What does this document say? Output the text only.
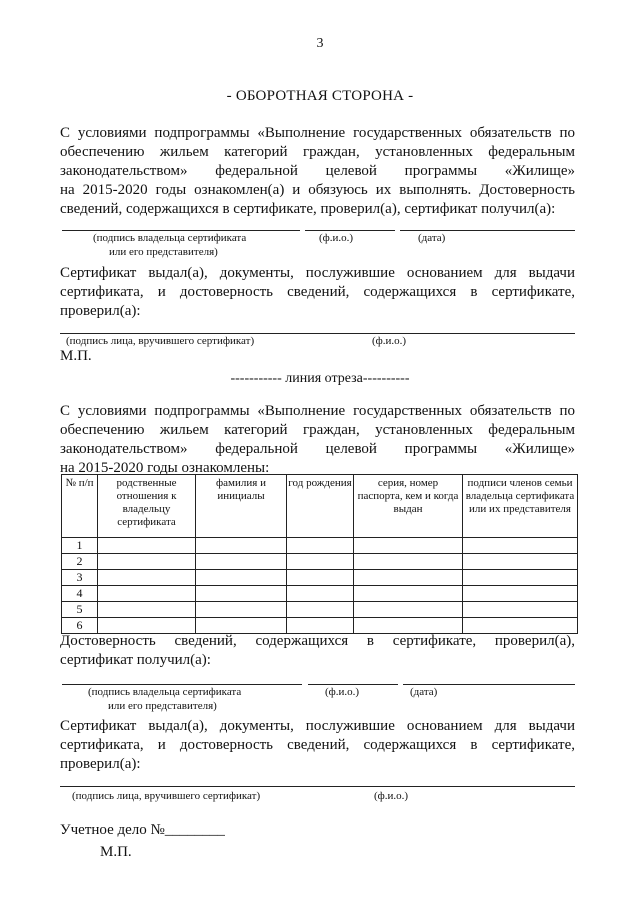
3
- ОБОРОТНАЯ СТОРОНА -
С условиями подпрограммы «Выполнение государственных обязательств по
обеспечению жильем категорий граждан, установленных федеральным
законодательством» федеральной целевой программы «Жилище»
на 2015-2020 годы ознакомлен(а) и обязуюсь их выполнять. Достоверность
сведений, содержащихся в сертификате, проверил(а), сертификат получил(а):
(подпись владельца сертификата	(ф.и.о.)	(дата)
или его представителя)
Сертификат выдал(а), документы, послужившие основанием для выдачи
сертификата, и достоверность сведений, содержащихся в сертификате,
проверил(а):
(подпись лица, вручившего сертификат)	(ф.и.о.)
М.П.
----------- линия отреза----------
С условиями подпрограммы «Выполнение государственных обязательств по
обеспечению жильем категорий граждан, установленных федеральным
законодательством» федеральной целевой программы «Жилище»
на 2015-2020 годы ознакомлены:
№ п/п	родственные отношения к владельцу сертификата	фамилия и инициалы	год рождения	серия, номер паспорта, кем и когда выдан	подписи членов семьи владельца сертификата или их представителя
1					
2					
3					
4					
5					
6					
Достоверность сведений, содержащихся в сертификате, проверил(а),
сертификат получил(а):
(подпись владельца сертификата	(ф.и.о.)	(дата)
или его представителя)
Сертификат выдал(а), документы, послужившие основанием для выдачи
сертификата, и достоверность сведений, содержащихся в сертификате,
проверил(а):
(подпись лица, вручившего сертификат)	(ф.и.о.)
Учетное дело №________
М.П.
